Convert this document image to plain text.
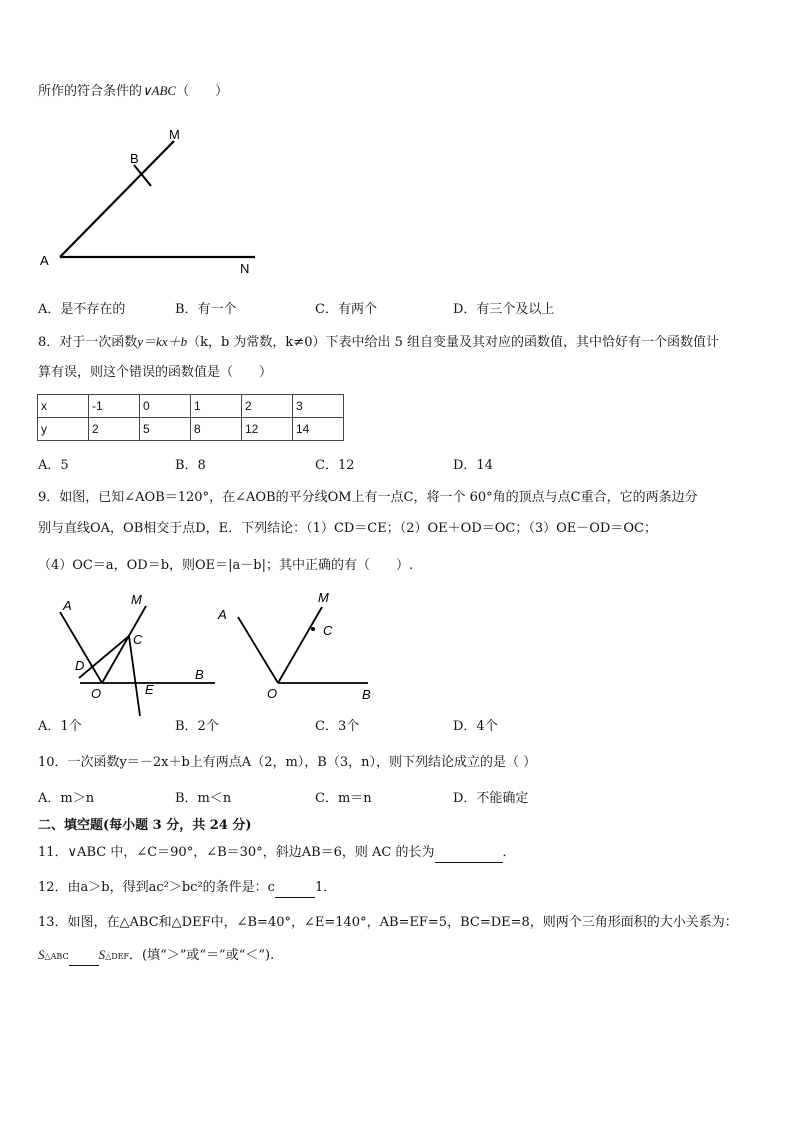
所作的符合条件的∨ABC（　　）
A
B
M
N
A．是不存在的	B．有一个	C．有两个	D．有三个及以上
8．对于一次函数y＝kx＋b（k，b 为常数，k≠0）下表中给出 5 组自变量及其对应的函数值，其中恰好有一个函数值计
算有误，则这个错误的函数值是（　　）
x	-1	0	1	2	3
y	2	5	8	12	14
A．5	B．8	C．12	D．14
9．如图，已知∠AOB＝120°，在∠AOB的平分线OM上有一点C，将一个 60°角的顶点与点C重合，它的两条边分
别与直线OA，OB相交于点D，E．下列结论：（1）CD＝CE；（2）OE＋OD＝OC；（3）OE－OD＝OC；
（4）OC＝a，OD＝b，则OE＝|a－b|；其中正确的有（　　）.
A	M
C
D
O	E
B
A
M
C
O	B
A．1个	B．2个	C．3个	D．4个
10．一次函数y＝－2x＋b上有两点A（2，m），B（3，n），则下列结论成立的是（ ）
A．m＞n	B．m＜n	C．m＝n	D．不能确定
二、填空题(每小题 3 分，共 24 分)
11．∨ABC 中，∠C＝90°，∠B＝30°，斜边AB＝6，则 AC 的长为	．
12．由a＞b，得到ac²＞bc²的条件是：c	1．
13．如图，在△ABC和△DEF中，∠B=40°，∠E=140°，AB=EF=5，BC=DE=8，则两个三角形面积的大小关系为：
S△ABC S△DEF．(填“＞”或“＝”或“＜”).
